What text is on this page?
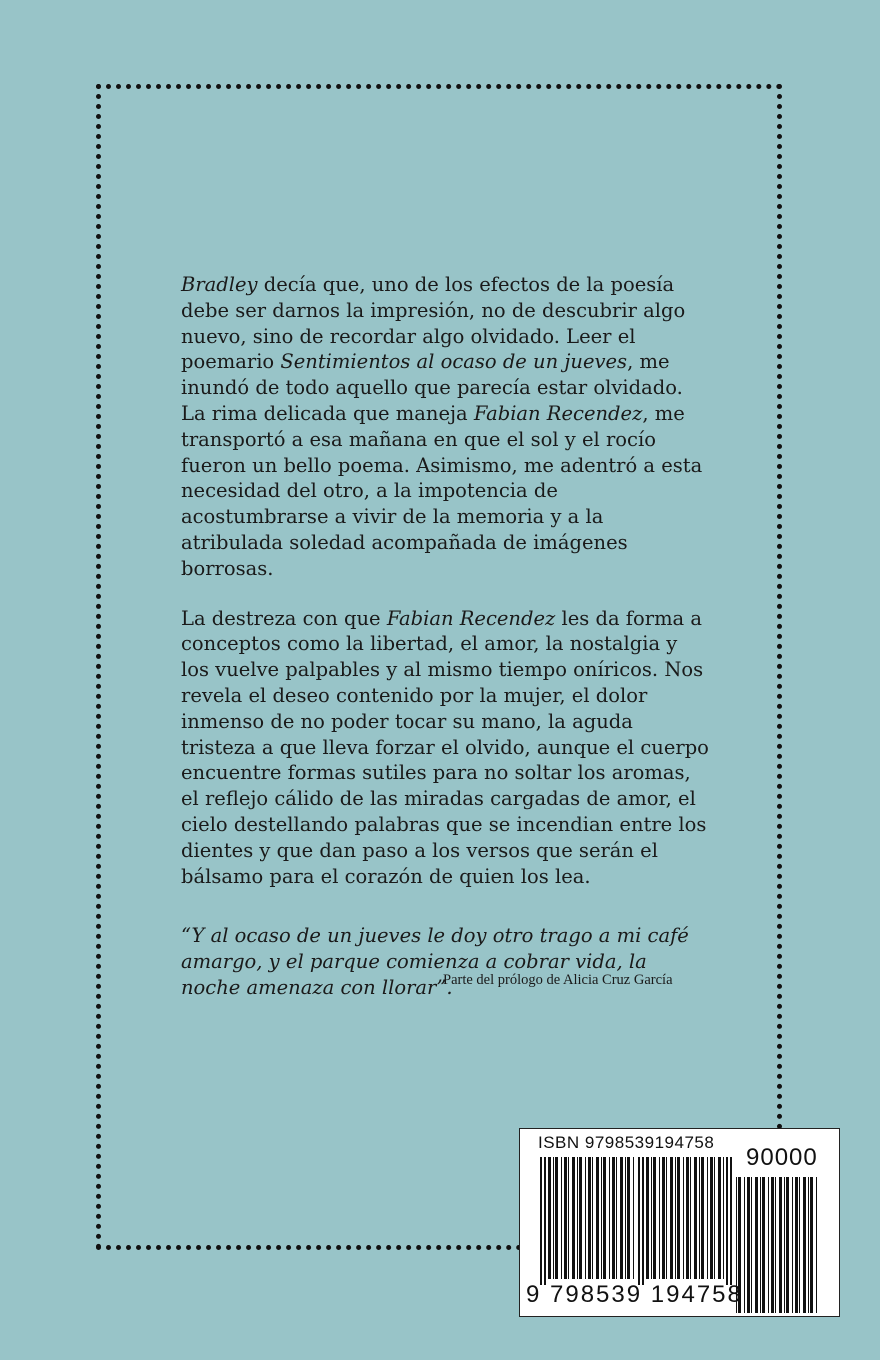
Bradley decía que, uno de los efectos de la poesía debe ser darnos la impresión, no de descubrir algo nuevo, sino de recordar algo olvidado. Leer el poemario Sentimientos al ocaso de un jueves, me inundó de todo aquello que parecía estar olvidado. La rima delicada que maneja Fabian Recendez, me transportó a esa mañana en que el sol y el rocío fueron un bello poema. Asimismo, me adentró a esta necesidad del otro, a la impotencia de acostumbrarse a vivir de la memoria y a la atribulada soledad acompañada de imágenes borrosas.

La destreza con que Fabian Recendez les da forma a conceptos como la libertad, el amor, la nostalgia y los vuelve palpables y al mismo tiempo oníricos. Nos revela el deseo contenido por la mujer, el dolor inmenso de no poder tocar su mano, la aguda tristeza a que lleva forzar el olvido, aunque el cuerpo encuentre formas sutiles para no soltar los aromas, el reflejo cálido de las miradas cargadas de amor, el cielo destellando palabras que se incendian entre los dientes y que dan paso a los versos que serán el bálsamo para el corazón de quien los lea.

“Y al ocaso de un jueves le doy otro trago a mi café amargo, y el parque comienza a cobrar vida, la noche amenaza con llorar”.

Parte del prólogo de Alicia Cruz García
ISBN 9798539194758
90000
9 798539 194758
